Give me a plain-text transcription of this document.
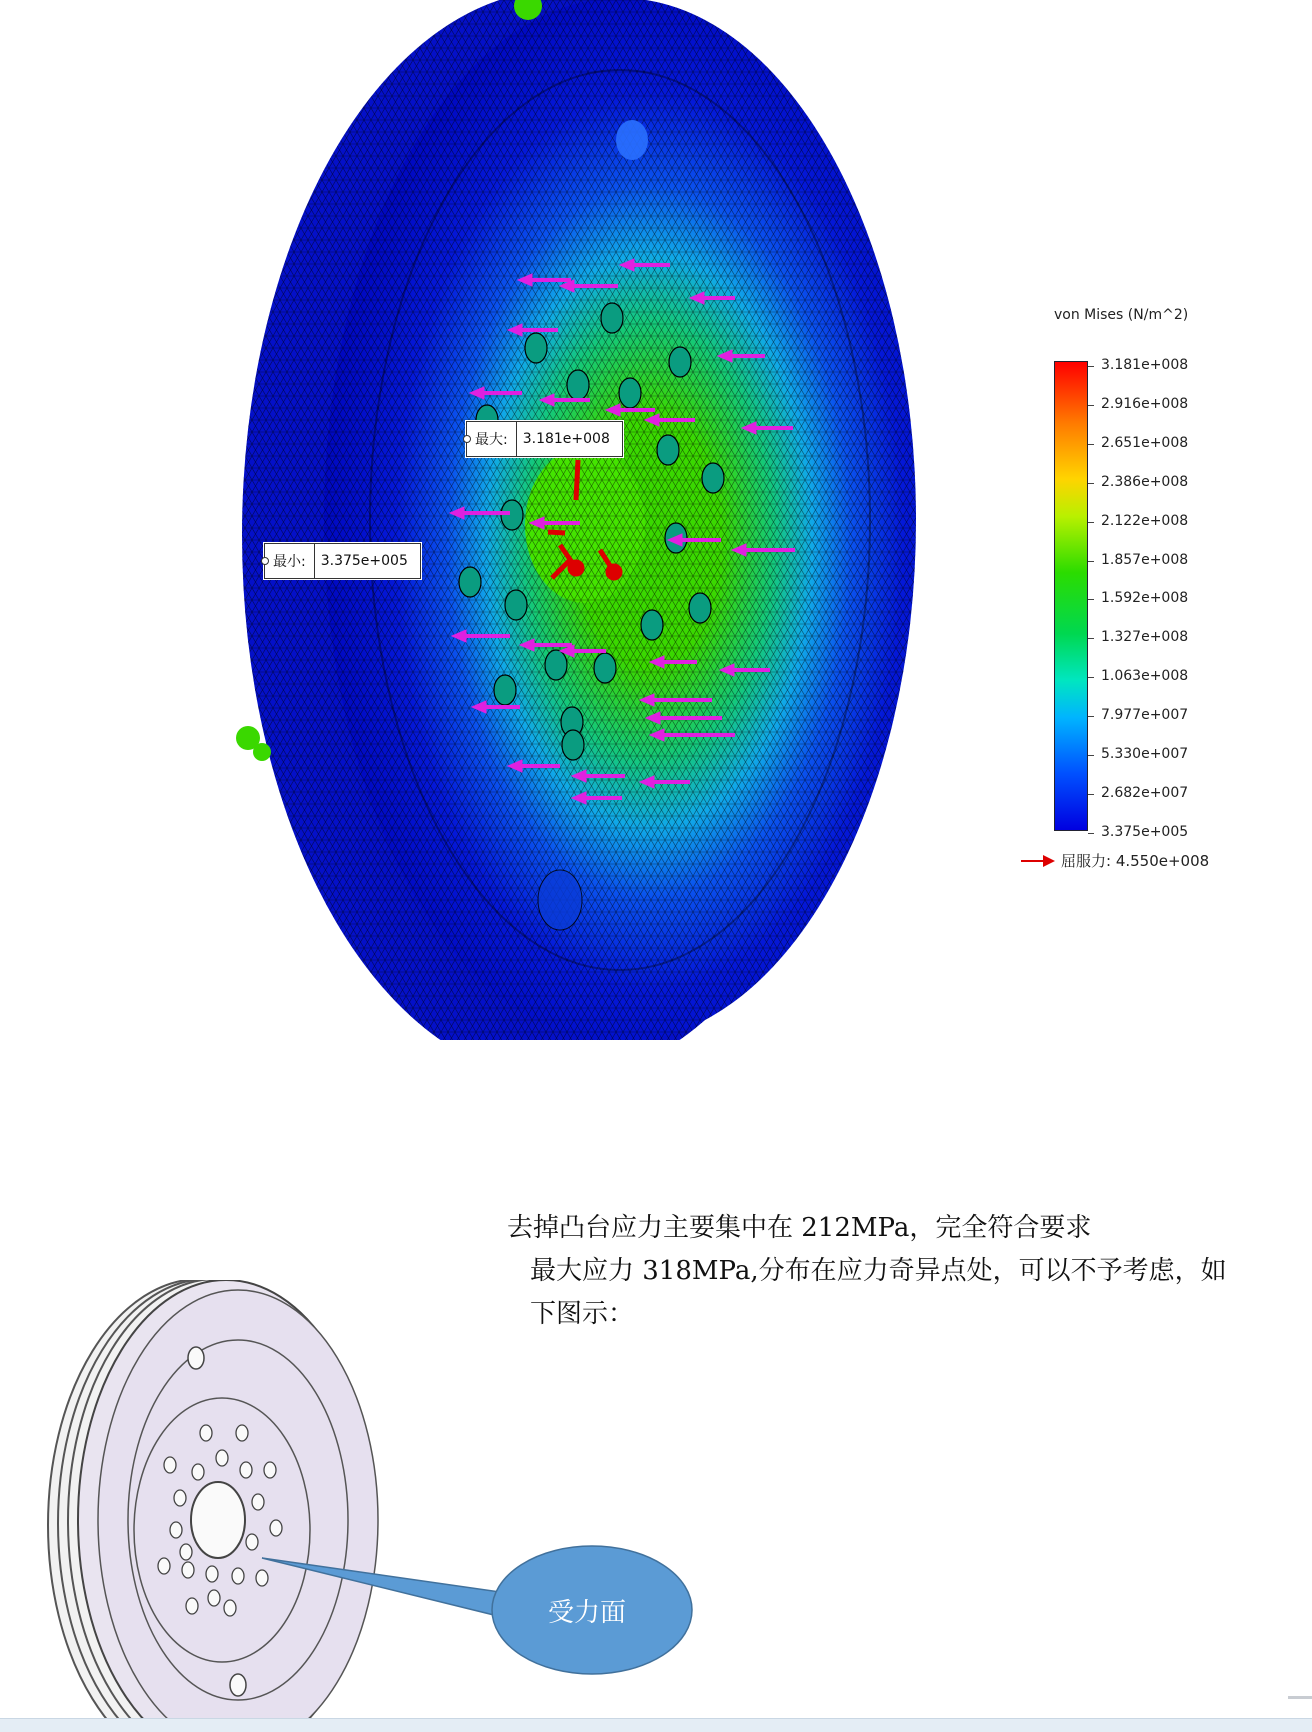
最大:	3.181e+008
最小:	3.375e+005
von Mises (N/m^2)
3.181e+008
2.916e+008
2.651e+008
2.386e+008
2.122e+008
1.857e+008
1.592e+008
1.327e+008
1.063e+008
7.977e+007
5.330e+007
2.682e+007
3.375e+005
→ 屈服力: 4.550e+008
去掉凸台应力主要集中在 212MPa，完全符合要求
最大应力 318MPa,分布在应力奇异点处，可以不予考虑，如
下图示：
受力面
